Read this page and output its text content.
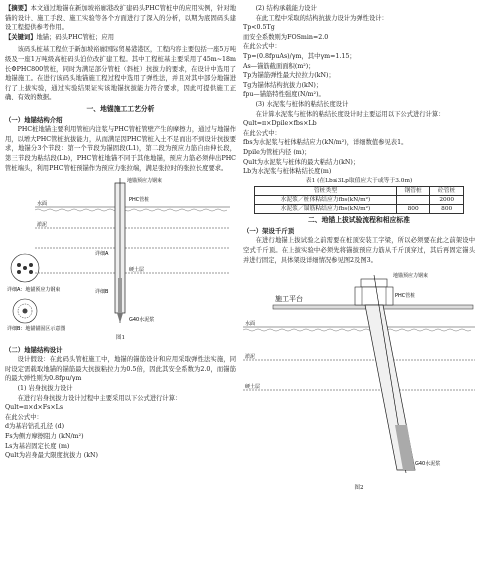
【摘要】本文通过地锚在新加坡裕廊港改扩建码头PHC管桩中的应用实例，针对地锚的设计、施工手段、施工实验等各个方面进行了深入的分析，以期为底固码头建设工程提供参考作用。

【关键词】地锚；码头PHC管桩；应用

该码头桩基工程位于新加坡裕廊国际贸易港港区，工程内容主要包括一座5万吨级及一座1万吨级高桩码头泊位改扩建工程。其中工程桩基主要采用了45m~18m长ΦPHC800管桩，同时为满足部分管桩（斜桩）抗拔力的要求，在设计中选用了地锚施工。在进行该码头地锚施工程过程中选用了弹性法，并且对其中部分地锚进行了上拔实验，通过实验结果证实该地锚抗拔能力符合要求，因此可提供施工正确、有效的数据。

一、地锚施工工艺分析
（一）地锚结构介绍

PHC桩地锚主要利用管桩内注浆与PHC管桩管壁产生的摩擦力，通过与地锚作用，以增大PHC管桩抗拔能力，从而满足因PHC管桩入土不足而出不到设计抗拔要求，地锚分3个节段：第一个节段为锚固段(L1)，第二段为预应力筋自由伸长段，第三节段为粘结段(Lb)，PHC管桩地锚不同于其他地锚，预应力筋必须伸出PHC管桩端头，利用PHC管桩预锚作为预应力张拉端，满足张拉时的张拉长度要求。

地锚预应力钢束
PHC管桩
水面
淤泥
硬土层
详细A
详细B
G40水泥浆
详细A：地锚预应力钢束
详细B：地锚锚固区示意图
图1
（二）地锚结构设计

设计假设：在此码头管桩施工中，地锚的锚筋设计和应用采取弹性法实施，同时设定需载取地锚的锚筋最大抗拔粘拉力为0.5倍，因此其安全系数为2.0，而锚筋的最大弹性则为0.8fpu/γm

(1) 岩身抗拔力设计

在进行岩身抗拔力设计过程中主要采用以下公式进行计算：

Qult=π×d×Fs×Ls

在此公式中：

d为基岩钻孔孔径 (d)

Fs为侧方摩擦阻力 (kN/m²)

Ls为基岩固定长度 (m)

Qult为岩身最大限度抗拔力 (kN)

(2) 结构承载能力设计

在此工程中采取的结构抗拔力设计为弹性设计：

Tp<0.5Tg

而安全系数则为FOSmin=2.0

在此公式中：

Tp=(0.8fpuAs)/γm，其中γm=1.15；

As—锚筋截面面积(m²)；

Tp为锚筋弹性最大拉拉力(kN)；

Tg为锚体结构抗拔力(kN)；

fpu—锚筋特性强度(N/m²)。

(3) 水泥浆与桩体的粘结长度设计

在计算水泥浆与桩体的粘结长度设计时主要运用以下公式进行计算：

Qult=π×Dpile×fbs×Lb

在此公式中：

fbs为水泥浆与桩体粘结应力(kN/m²)，详细数值参见表1。

Dpile为管桩内径 (m)；

Qult为水泥浆与桩体的最大粘结力(kN)；

Lb为水泥浆与桩体粘结长度(m)

表1 (在Lb≤3Lp取值应大于或等于3.0m)
管桩类型	钢管桩	砼管桩
水泥浆／桩体粘结应力fbs(kN/m²)		2000
水泥浆／锚筋粘结应力fbs(kN/m²)	800	800
二、地锚上拔试验流程和相应标准
（一）架设千斤顶

在进行地锚上拔试验之前需要在桩顶安装工字梁，所以必须要在此之前架设中空式千斤顶。在上拔实验中必须先将锚拔预应力筋从千斤顶穿过，其后再固定锚头并进行固定，具体架设详细情况参见图2及图3。

施工平台
地锚预应力钢束
PHC管桩
水面
淤泥
硬土层
G40水泥浆
图2
